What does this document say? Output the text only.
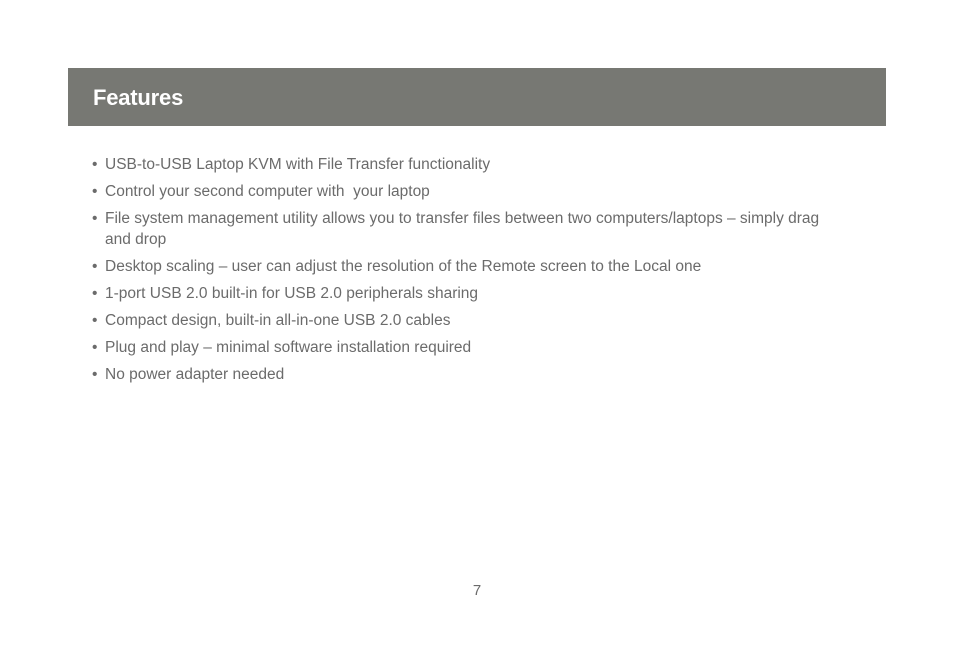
Features
• USB-to-USB Laptop KVM with File Transfer functionality
• Control your second computer with  your laptop
• File system management utility allows you to transfer files between two computers/laptops – simply drag and drop
• Desktop scaling – user can adjust the resolution of the Remote screen to the Local one
• 1-port USB 2.0 built-in for USB 2.0 peripherals sharing
• Compact design, built-in all-in-one USB 2.0 cables
• Plug and play – minimal software installation required
• No power adapter needed
7
